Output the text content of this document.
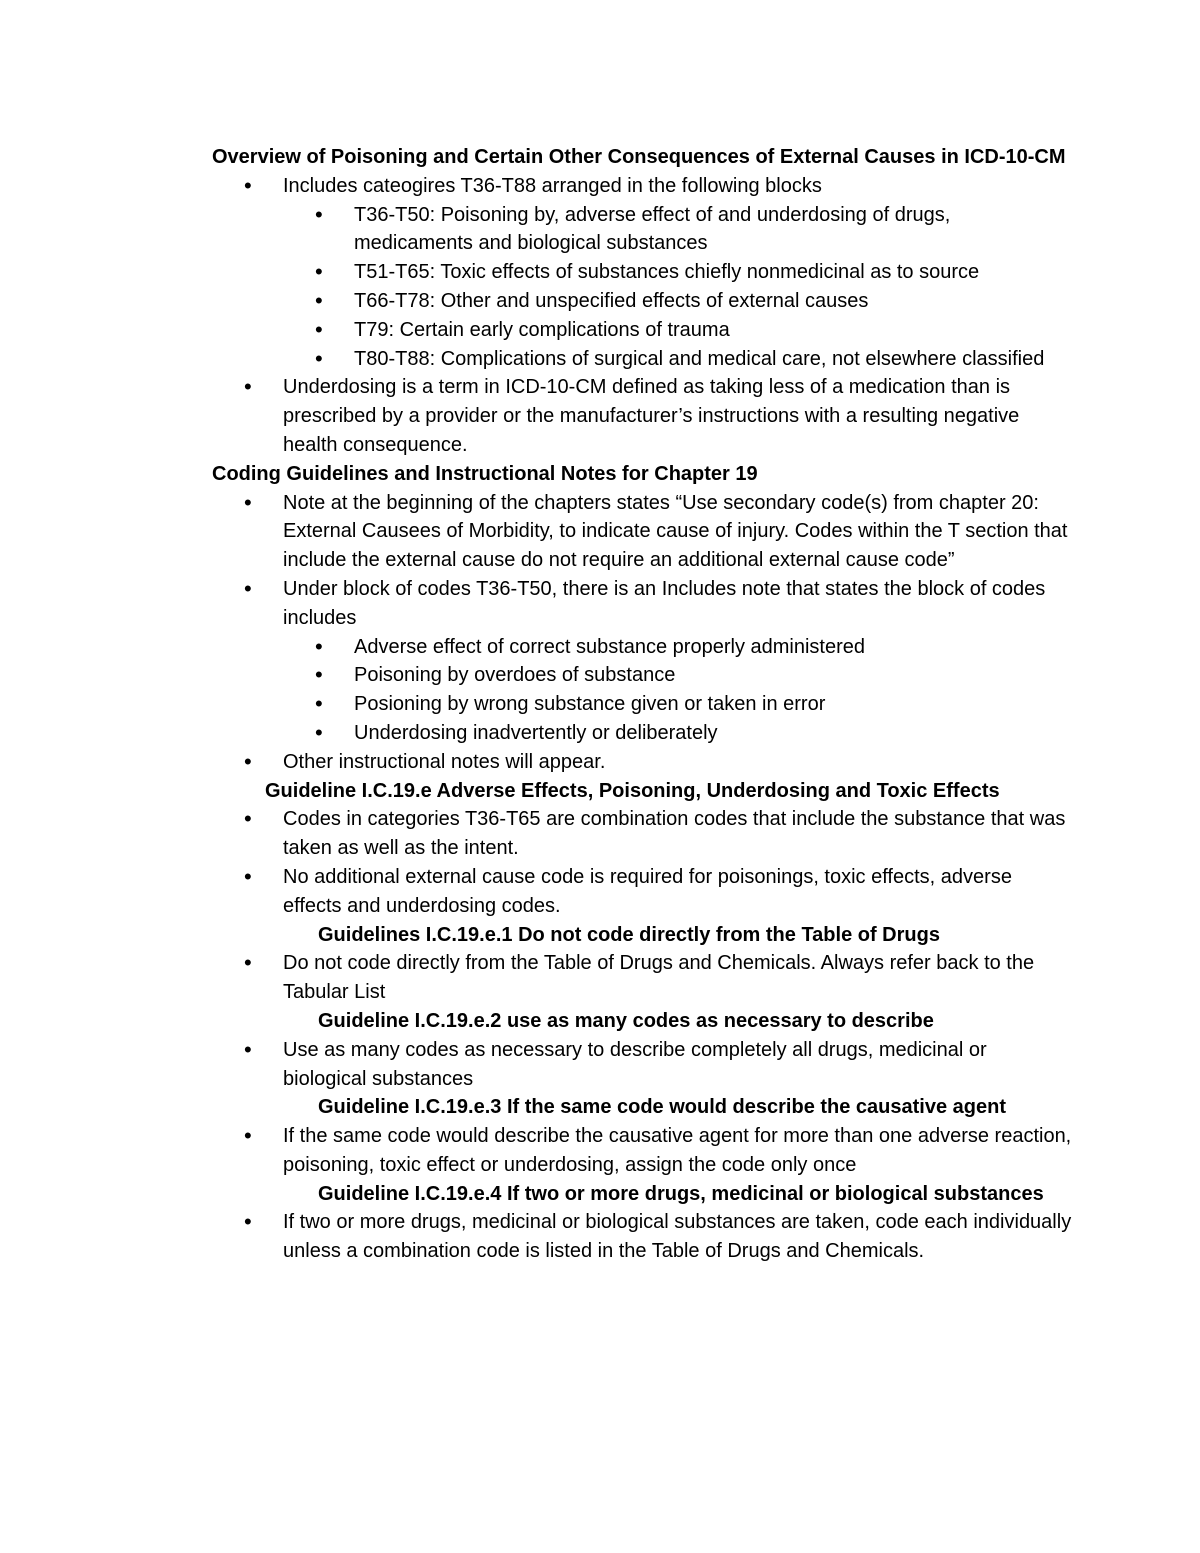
Overview of Poisoning and Certain Other Consequences of External Causes in ICD-10-CM

• Includes cateogires T36-T88 arranged in the following blocks
• T36-T50: Poisoning by, adverse effect of and underdosing of drugs, medicaments and biological substances
• T51-T65: Toxic effects of substances chiefly nonmedicinal as to source
• T66-T78: Other and unspecified effects of external causes
• T79: Certain early complications of trauma
• T80-T88: Complications of surgical and medical care, not elsewhere classified
• Underdosing is a term in ICD-10-CM defined as taking less of a medication than is prescribed by a provider or the manufacturer’s instructions with a resulting negative health consequence.

Coding Guidelines and Instructional Notes for Chapter 19

• Note at the beginning of the chapters states “Use secondary code(s) from chapter 20: External Causees of Morbidity, to indicate cause of injury. Codes within the T section that include the external cause do not require an additional external cause code”
• Under block of codes T36-T50, there is an Includes note that states the block of codes includes
• Adverse effect of correct substance properly administered
• Poisoning by overdoes of substance
• Posioning by wrong substance given or taken in error
• Underdosing inadvertently or deliberately
• Other instructional notes will appear.

Guideline I.C.19.e Adverse Effects, Poisoning, Underdosing and Toxic Effects

• Codes in categories T36-T65 are combination codes that include the substance that was taken as well as the intent.
• No additional external cause code is required for poisonings, toxic effects, adverse effects and underdosing codes.

Guidelines I.C.19.e.1 Do not code directly from the Table of Drugs

• Do not code directly from the Table of Drugs and Chemicals. Always refer back to the Tabular List

Guideline I.C.19.e.2 use as many codes as necessary to describe

• Use as many codes as necessary to describe completely all drugs, medicinal or biological substances

Guideline I.C.19.e.3 If the same code would describe the causative agent

• If the same code would describe the causative agent for more than one adverse reaction, poisoning, toxic effect or underdosing, assign the code only once

Guideline I.C.19.e.4 If two or more drugs, medicinal or biological substances

• If two or more drugs, medicinal or biological substances are taken, code each individually unless a combination code is listed in the Table of Drugs and Chemicals.
